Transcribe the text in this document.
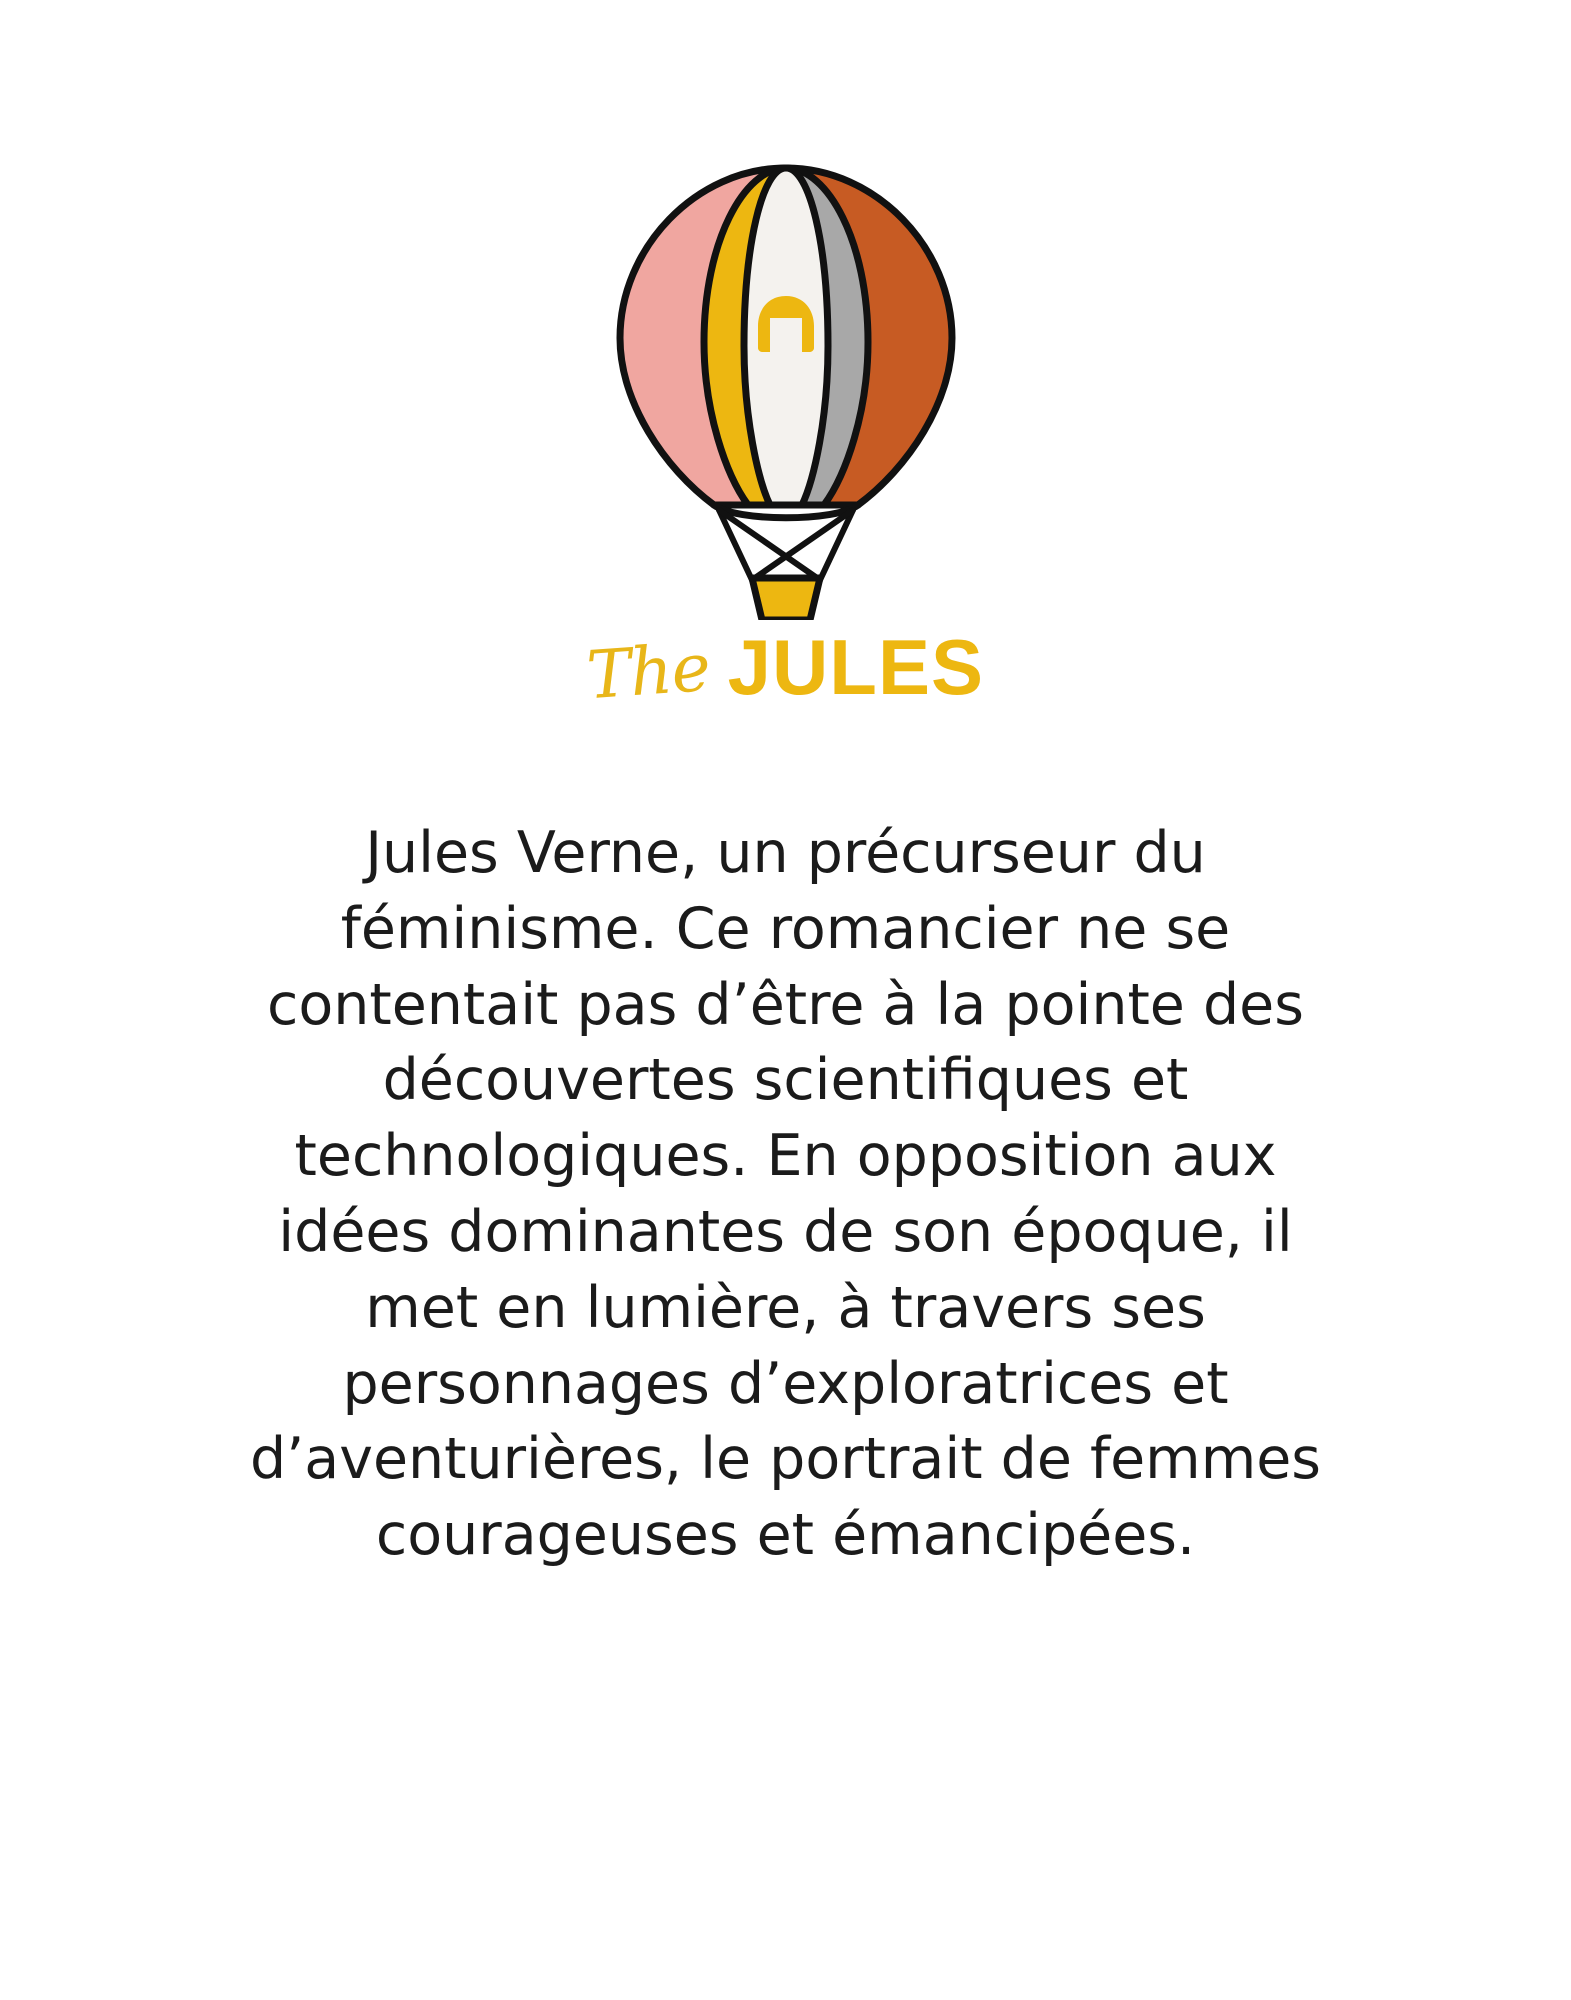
The JULES

Jules Verne, un précurseur du féminisme. Ce romancier ne se contentait pas d’être à la pointe des découvertes scientifiques et technologiques. En opposition aux idées dominantes de son époque, il met en lumière, à travers ses personnages d’exploratrices et d’aventurières, le portrait de femmes courageuses et émancipées.
